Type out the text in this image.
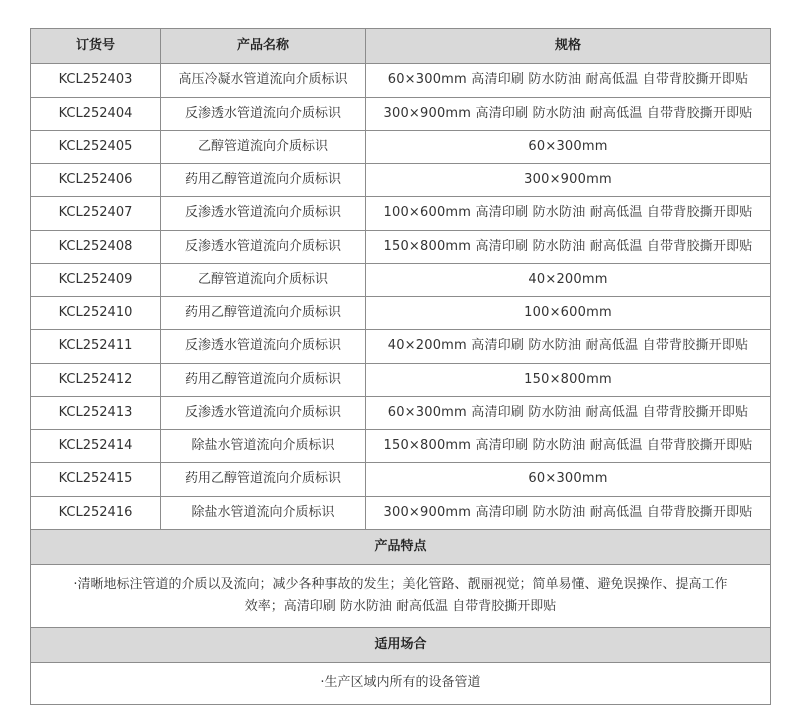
订货号	产品名称	规格
KCL252403	高压冷凝水管道流向介质标识	60×300mm 高清印刷 防水防油 耐高低温 自带背胶撕开即贴
KCL252404	反渗透水管道流向介质标识	300×900mm 高清印刷 防水防油 耐高低温 自带背胶撕开即贴
KCL252405	乙醇管道流向介质标识	60×300mm
KCL252406	药用乙醇管道流向介质标识	300×900mm
KCL252407	反渗透水管道流向介质标识	100×600mm 高清印刷 防水防油 耐高低温 自带背胶撕开即贴
KCL252408	反渗透水管道流向介质标识	150×800mm 高清印刷 防水防油 耐高低温 自带背胶撕开即贴
KCL252409	乙醇管道流向介质标识	40×200mm
KCL252410	药用乙醇管道流向介质标识	100×600mm
KCL252411	反渗透水管道流向介质标识	40×200mm 高清印刷 防水防油 耐高低温 自带背胶撕开即贴
KCL252412	药用乙醇管道流向介质标识	150×800mm
KCL252413	反渗透水管道流向介质标识	60×300mm 高清印刷 防水防油 耐高低温 自带背胶撕开即贴
KCL252414	除盐水管道流向介质标识	150×800mm 高清印刷 防水防油 耐高低温 自带背胶撕开即贴
KCL252415	药用乙醇管道流向介质标识	60×300mm
KCL252416	除盐水管道流向介质标识	300×900mm 高清印刷 防水防油 耐高低温 自带背胶撕开即贴
产品特点		
·清晰地标注管道的介质以及流向；减少各种事故的发生；美化管路、靓丽视觉；简单易懂、避免误操作、提高工作效率；高清印刷 防水防油 耐高低温 自带背胶撕开即贴		
适用场合		
·生产区域内所有的设备管道		
